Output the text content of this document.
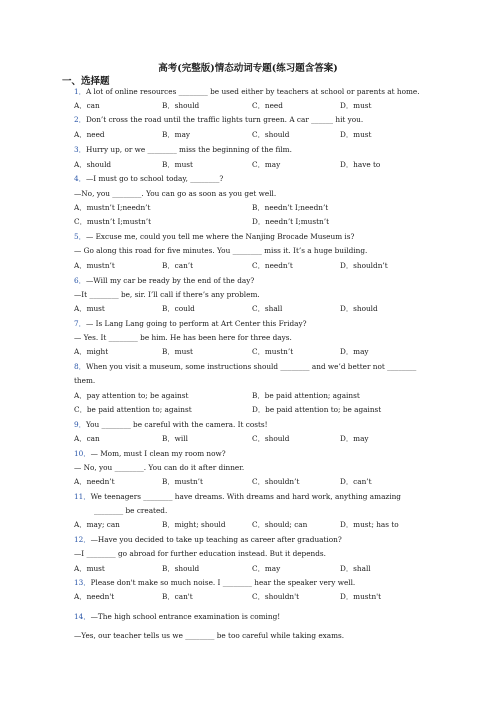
高考(完整版)情态动词专题(练习题含答案)
一、选择题
1．A lot of online resources ________ be used either by teachers at school or parents at home.
A．can	B．should	C．need	D．must
2．Don’t cross the road until the traffic lights turn green. A car ______ hit you.
A．need	B．may	C．should	D．must
3．Hurry up, or we ________ miss the beginning of the film.
A．should	B．must	C．may	D．have to
4．—I must go to school today, ________?
—No, you ________. You can go as soon as you get well.
A．mustn’t I;needn’t	B．needn’t I;needn’t
C．mustn’t I;mustn’t	D．needn’t I;mustn’t
5．— Excuse me, could you tell me where the Nanjing Brocade Museum is?
— Go along this road for five minutes. You ________ miss it. It’s a huge building.
A．mustn’t	B．can’t	C．needn’t	D．shouldn’t
6．—Will my car be ready by the end of the day?
—It ________ be, sir. I’ll call if there’s any problem.
A．must	B．could	C．shall	D．should
7．— Is Lang Lang going to perform at Art Center this Friday?
— Yes. It ________ be him. He has been here for three days.
A．might	B．must	C．mustn’t	D．may
8．When you visit a museum, some instructions should ________ and we’d better not ________
them.
A．pay attention to; be against	B．be paid attention; against
C．be paid attention to; against	D．be paid attention to; be against
9．You ________ be careful with the camera. It costs!
A．can	B．will	C．should	D．may
10．— Mom, must I clean my room now?
— No, you ________. You can do it after dinner.
A．needn’t	B．mustn’t	C．shouldn’t	D．can’t
11．We teenagers ________ have dreams. With dreams and hard work, anything amazing
________ be created.
A．may; can	B．might; should	C．should; can	D．must; has to
12．—Have you decided to take up teaching as career after graduation?
—I ________ go abroad for further education instead. But it depends.
A．must	B．should	C．may	D．shall
13．Please don't make so much noise. I ________ hear the speaker very well.
A．needn't	B．can't	C．shouldn't	D．mustn't
14．—The high school entrance examination is coming!
—Yes, our teacher tells us we ________ be too careful while taking exams.
